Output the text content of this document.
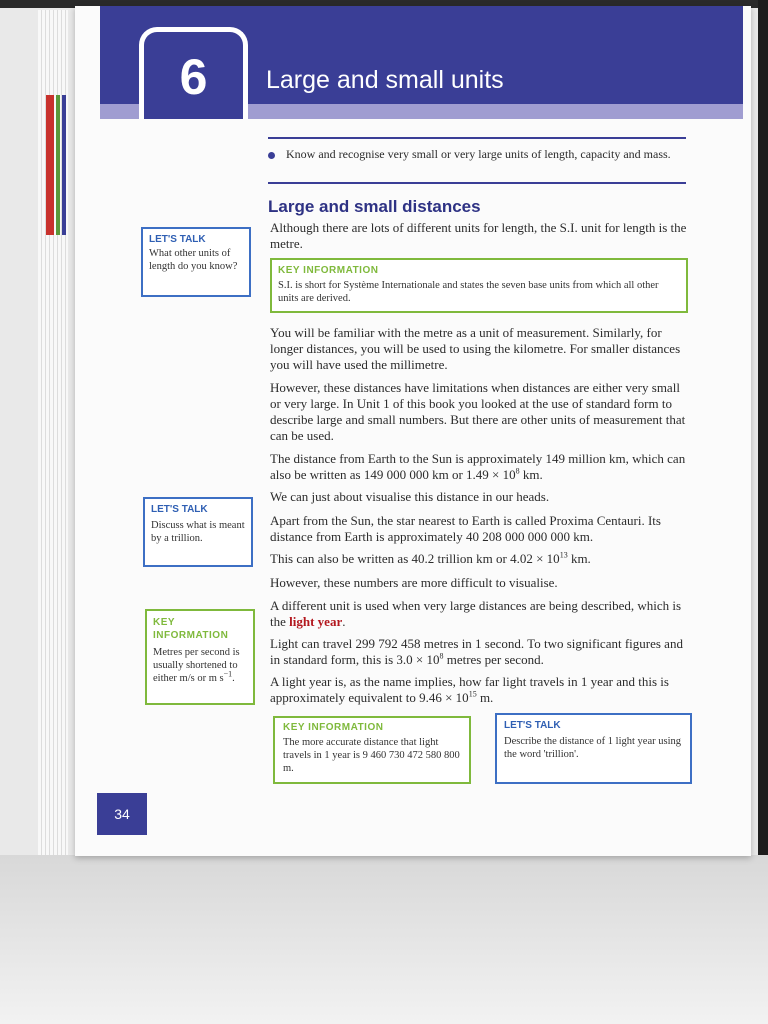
6	Large and small units
Know and recognise very small or very large units of length, capacity and mass.
Large and small distances

Although there are lots of different units for length, the S.I. unit for length is the metre.

KEY INFORMATION
S.I. is short for Système Internationale and states the seven base units from which all other units are derived.

You will be familiar with the metre as a unit of measurement. Similarly, for longer distances, you will be used to using the kilometre. For smaller distances you will have used the millimetre.

However, these distances have limitations when distances are either very small or very large. In Unit 1 of this book you looked at the use of standard form to describe large and small numbers. But there are other units of measurement that can be used.

The distance from Earth to the Sun is approximately 149 million km, which can also be written as 149 000 000 km or $1.49 \times 10^8$ km.

We can just about visualise this distance in our heads.

Apart from the Sun, the star nearest to Earth is called Proxima Centauri. Its distance from Earth is approximately 40 208 000 000 000 km.

This can also be written as 40.2 trillion km or $4.02 \times 10^{13}$ km.

However, these numbers are more difficult to visualise.

A different unit is used when very large distances are being described, which is the light year.

Light can travel 299 792 458 metres in 1 second. To two significant figures and in standard form, this is $3.0 \times 10^8$ metres per second.

A light year is, as the name implies, how far light travels in 1 year and this is approximately equivalent to $9.46 \times 10^{15}$ m.

KEY INFORMATION
The more accurate distance that light travels in 1 year is 9 460 730 472 580 800 m.
LET'S TALK
Describe the distance of 1 light year using the word 'trillion'.
LET'S TALK
What other units of length do you know?
LET'S TALK
Discuss what is meant by a trillion.
KEY INFORMATION
Metres per second is usually shortened to either m/s or m $s^{-1}$.
34
